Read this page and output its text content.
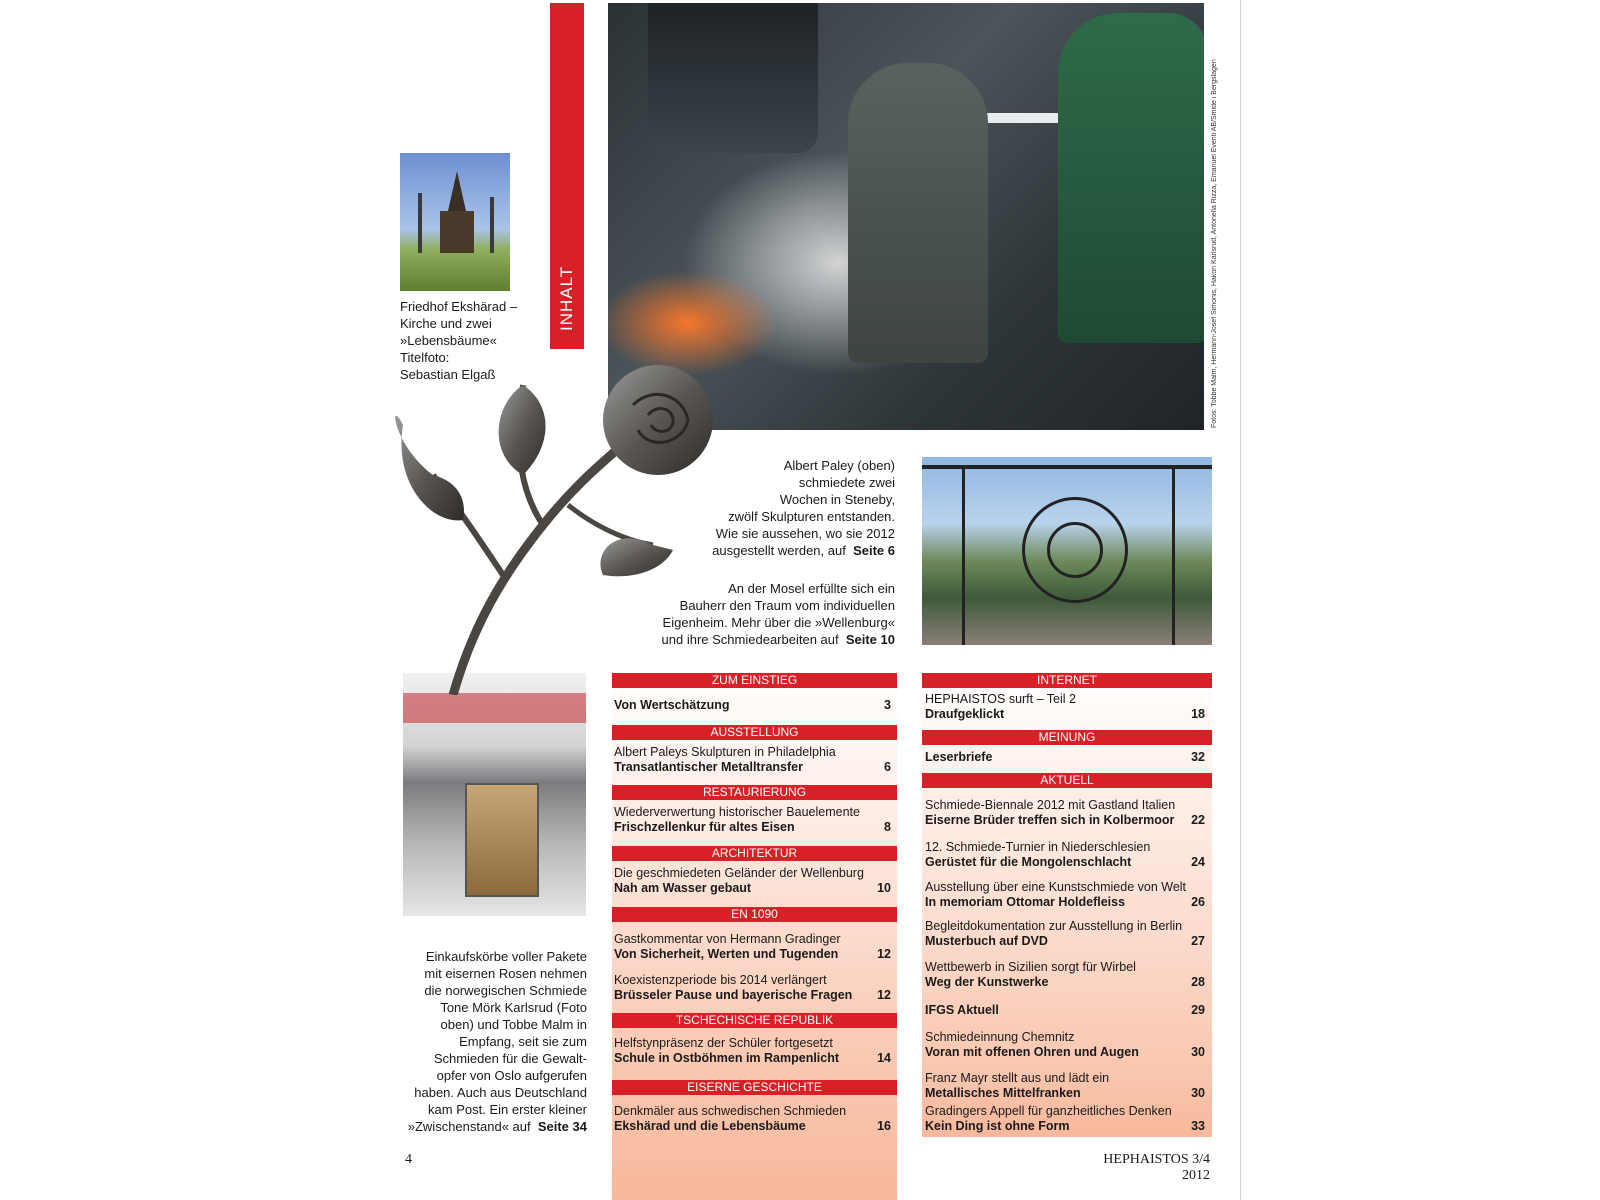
INHALT	Fotos: Tobbe Malm, Hermann-Josef Simonis, Hakon Karlsrud, Antonella Rizza, Emanuel Eventi AB/Smide i Bergslagen
Friedhof Ekshärad –
Kirche und zwei
»Lebensbäume«
Titelfoto:
Sebastian Elgaß
Albert Paley (oben)
schmiedete zwei
Wochen in Steneby,
zwölf Skulpturen entstanden.
Wie sie aussehen, wo sie 2012
ausgestellt werden, auf Seite 6
An der Mosel erfüllte sich ein
Bauherr den Traum vom individuellen
Eigenheim. Mehr über die »Wellenburg«
und ihre Schmiedearbeiten auf Seite 10
Einkaufskörbe voller Pakete
mit eisernen Rosen nehmen
die norwegischen Schmiede
Tone Mörk Karlsrud (Foto
oben) und Tobbe Malm in
Empfang, seit sie zum
Schmieden für die Gewalt-
opfer von Oslo aufgerufen
haben. Auch aus Deutschland
kam Post. Ein erster kleiner
»Zwischenstand« auf Seite 34
ZUM EINSTIEG
Von Wertschätzung	3
AUSSTELLUNG
Albert Paleys Skulpturen in Philadelphia
Transatlantischer Metalltransfer	6
RESTAURIERUNG
Wiederverwertung historischer Bauelemente
Frischzellenkur für altes Eisen	8
ARCHITEKTUR
Die geschmiedeten Geländer der Wellenburg
Nah am Wasser gebaut	10
EN 1090
Gastkommentar von Hermann Gradinger
Von Sicherheit, Werten und Tugenden	12
Koexistenzperiode bis 2014 verlängert
Brüsseler Pause und bayerische Fragen	12
TSCHECHISCHE REPUBLIK
Helfstynpräsenz der Schüler fortgesetzt
Schule in Ostböhmen im Rampenlicht	14
EISERNE GESCHICHTE
Denkmäler aus schwedischen Schmieden
Ekshärad und die Lebensbäume	16
INTERNET
HEPHAISTOS surft – Teil 2
Draufgeklickt	18
MEINUNG
Leserbriefe	32
AKTUELL
Schmiede-Biennale 2012 mit Gastland Italien
Eiserne Brüder treffen sich in Kolbermoor	22
12. Schmiede-Turnier in Niederschlesien
Gerüstet für die Mongolenschlacht	24
Ausstellung über eine Kunstschmiede von Welt
In memoriam Ottomar Holdefleiss	26
Begleitdokumentation zur Ausstellung in Berlin
Musterbuch auf DVD	27
Wettbewerb in Sizilien sorgt für Wirbel
Weg der Kunstwerke	28
IFGS Aktuell	29
Schmiedeinnung Chemnitz
Voran mit offenen Ohren und Augen	30
Franz Mayr stellt aus und lädt ein
Metallisches Mittelfranken	30
Gradingers Appell für ganzheitliches Denken
Kein Ding ist ohne Form	33
4	HEPHAISTOS 3/4 2012
